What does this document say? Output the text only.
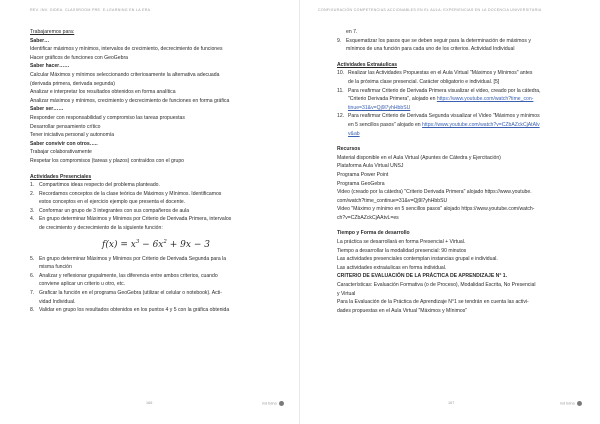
REV. INV. GIDEA. CLASSROOM PRE. E-LEARNING EN LA ERA
Trabajaremos para:
Saber…
Identificar máximos y mínimos, intervalos de crecimiento, decrecimiento de funciones
Hacer gráficos de funciones con GeoGebra
Saber hacer……
Calcular Máximos y mínimos seleccionando criteriosamente la alternativa adecuada
(derivada primera, derivada segunda)
Analizar e interpretar los resultados obtenidos en forma analítica
Analizar máximos y mínimos, crecimiento y decrecimiento de funciones en forma gráfica
Saber ser……
Responder con responsabilidad y compromiso las tareas propuestas
Desarrollar pensamiento crítico
Tener iniciativa personal y autonomía
Saber convivir con otros…..
Trabajar colaborativamente
Respetar los compromisos (tareas y plazos) contraídos con el grupo
Actividades Presenciales
1. Compartimos ideas respecto del problema planteado.
2. Recordamos conceptos de la clase teórica de Máximos y Mínimos. Identificamos
estos conceptos en el ejercicio ejemplo que presenta el docente.
3. Conformar un grupo de 3 integrantes con sus compañeros de aula
4. En grupo determinar Máximos y Mínimos por Criterio de Derivada Primera, intervalos
de crecimiento y decrecimiento de la siguiente función:
$f(x) = x^3 - 6x^2 + 9x - 3$
5. En grupo determinar Máximos y Mínimos por Criterio de Derivada Segunda para la
misma función
6. Analizar y reflexionar grupalmente, las diferencia entre ambos criterios, cuando
conviene aplicar un criterio u otro, etc.
7. Graficar la función en el programa GeoGebra (utilizar el celular o notebook). Acti-
vidad Individual.
8. Validar en grupo los resultados obtenidos en los puntos 4 y 5 con la gráfica obtenida
166	ind bdna
CONFIGURACIÓN COMPETENCIAS ACCIONABLES EN EL AULA: EXPERIENCIAS EN LA DOCENCIA UNIVERSITARIA
en 7.
9. Esquematizar los pasos que se deben seguir para la determinación de máximos y
mínimos de una función para cada uno de los criterios. Actividad Individual
Actividades Extraáulicas
10. Realizar las Actividades Propuestas en el Aula Virtual "Máximos y Mínimos" antes
de la próxima clase presencial. Carácter obligatorio e individual. [5]
11. Para reafirmar Criterio de Derivada Primera visualizar el video, creado por la cátedra,
"Criterio Derivada Primera", alojado en https://www.youtube.com/watch?time_con-
tinue=31&v=Qj9l7yhHbbSU
12. Para reafirmar Criterio de Derivada Segunda visualizar el Video "Máximos y mínimos
en 5 sencillos pasos" alojado en https://www.youtube.com/watch?v=CZbAZckCjAtAlv
v&ab
Recursos
Material disponible en el Aula Virtual (Apuntes de Cátedra y Ejercitación)
Plataforma Aula Virtual UNSJ
Programa Power Point
Programa GeoGebra
Video (creado por la cátedra) "Criterio Derivada Primera" alojado https://www.youtube.
com/watch?time_continue=31&v=Qj9l7yhHbbSU
Video "Máximo y mínimo en 5 sencillos pasos" alojado https://www.youtube.com/watch-
ch?v=CZbAZckCjAAtvL=es
Tiempo y Forma de desarrollo
La práctica se desarrollará en forma Presencial + Virtual.
Tiempo a desarrollar la modalidad presencial: 90 minutos
Las actividades presenciales contemplan instancias grupal e individual.
Las actividades extraáulicas en forma individual.
CRITERIO DE EVALUACIÓN DE LA PRÁCTICA DE APRENDIZAJE N° 1.
Características: Evaluación Formativa (o de Proceso), Modalidad Escrita, No Presencial
y Virtual
Para la Evaluación de la Práctica de Aprendizaje N°1 se tendrán en cuenta las activi-
dades propuestas en el Aula Virtual "Máximos y Mínimos"
167	ind bdna
